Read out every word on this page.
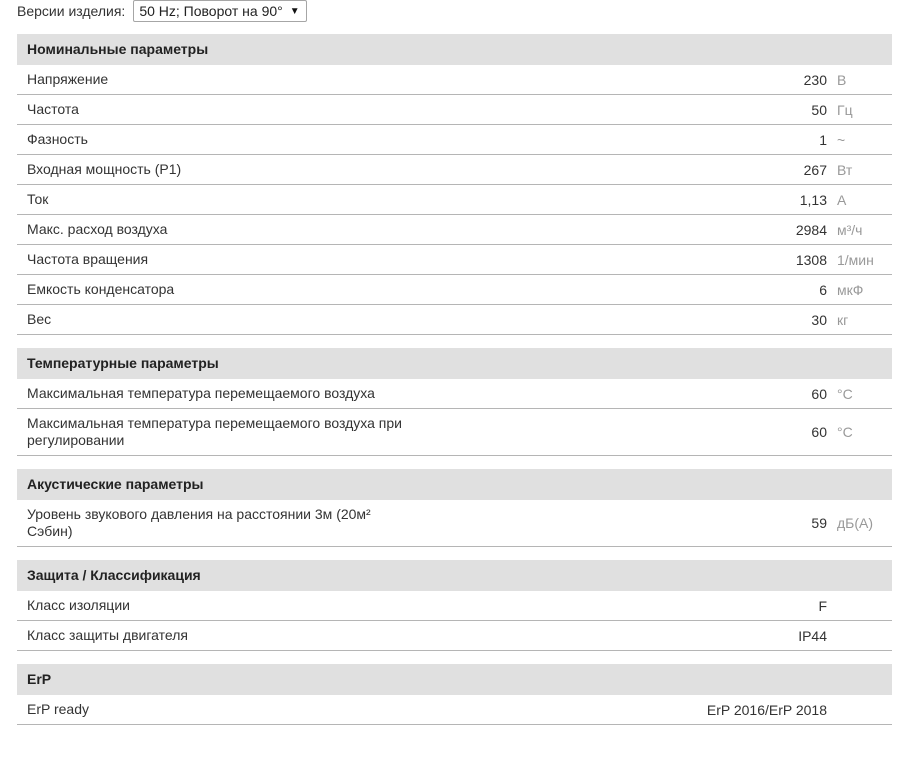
Версии изделия: 50 Hz; Поворот на 90° ▼
Номинальные параметры
Напряжение	230 В
Частота	50 Гц
Фазность	1 ~
Входная мощность (P1)	267 Вт
Ток	1,13 А
Макс. расход воздуха	2984 м³/ч
Частота вращения	1308 1/мин
Емкость конденсатора	6 мкФ
Вес	30 кг
Температурные параметры
Максимальная температура перемещаемого воздуха	60 °C
Максимальная температура перемещаемого воздуха при регулировании	60 °C
Акустические параметры
Уровень звукового давления на расстоянии 3м (20м² Сэбин)	59 дБ(А)
Защита / Классификация
Класс изоляции	F
Класс защиты двигателя	IP44
ErP
ErP ready	ErP 2016/ErP 2018
